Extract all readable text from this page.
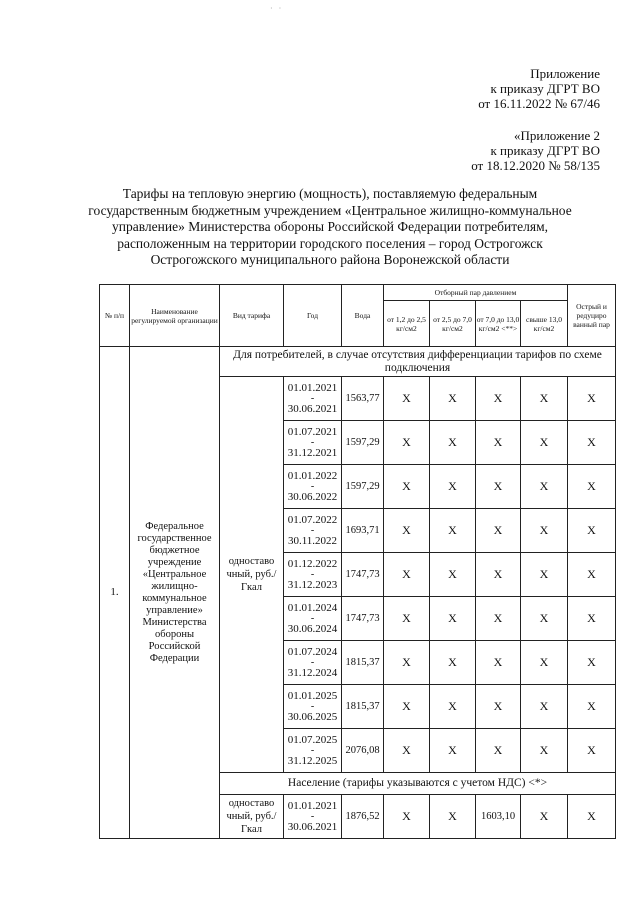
· ·
Приложение
к приказу ДГРТ ВО
от 16.11.2022 № 67/46
«Приложение 2
к приказу ДГРТ ВО
от 18.12.2020 № 58/135
Тарифы на тепловую энергию (мощность), поставляемую федеральным государственным бюджетным учреждением «Центральное жилищно-коммунальное управление» Министерства обороны Российской Федерации потребителям, расположенным на территории городского поселения – город Острогожск Острогожского муниципального района Воронежской области
№ п/п	Наименование регулируемой организации	Вид тарифа	Год	Вода	Отборный пар давлением				Острый и редуциро ванный пар
					от 1,2 до 2,5 кг/см2	от 2,5 до 7,0 кг/см2	от 7,0 до 13,0 кг/см2 <**>	свыше 13,0 кг/см2	
1.	Федеральное государственное бюджетное учреждение «Центральное жилищно-коммунальное управление» Министерства обороны Российской Федерации	Для потребителей, в случае отсутствия дифференциации тарифов по схеме подключения							
		одноставо чный, руб./Гкал	01.01.2021
-
30.06.2021	1563,77	Х	Х	Х	Х	Х

			01.07.2021
-
31.12.2021	1597,29	Х	Х	Х	Х	Х

			01.01.2022
-
30.06.2022	1597,29	Х	Х	Х	Х	Х

			01.07.2022
-
30.11.2022	1693,71	Х	Х	Х	Х	Х

			01.12.2022
-
31.12.2023	1747,73	Х	Х	Х	Х	Х

			01.01.2024
-
30.06.2024	1747,73	Х	Х	Х	Х	Х

			01.07.2024
-
31.12.2024	1815,37	Х	Х	Х	Х	Х

			01.01.2025
-
30.06.2025	1815,37	Х	Х	Х	Х	Х

			01.07.2025
-
31.12.2025	2076,08	Х	Х	Х	Х	Х
		Население (тарифы указываются с учетом НДС) <*>							
		одноставо чный, руб./Гкал	01.01.2021
-
30.06.2021	1876,52	Х	Х	1603,10	Х	Х
